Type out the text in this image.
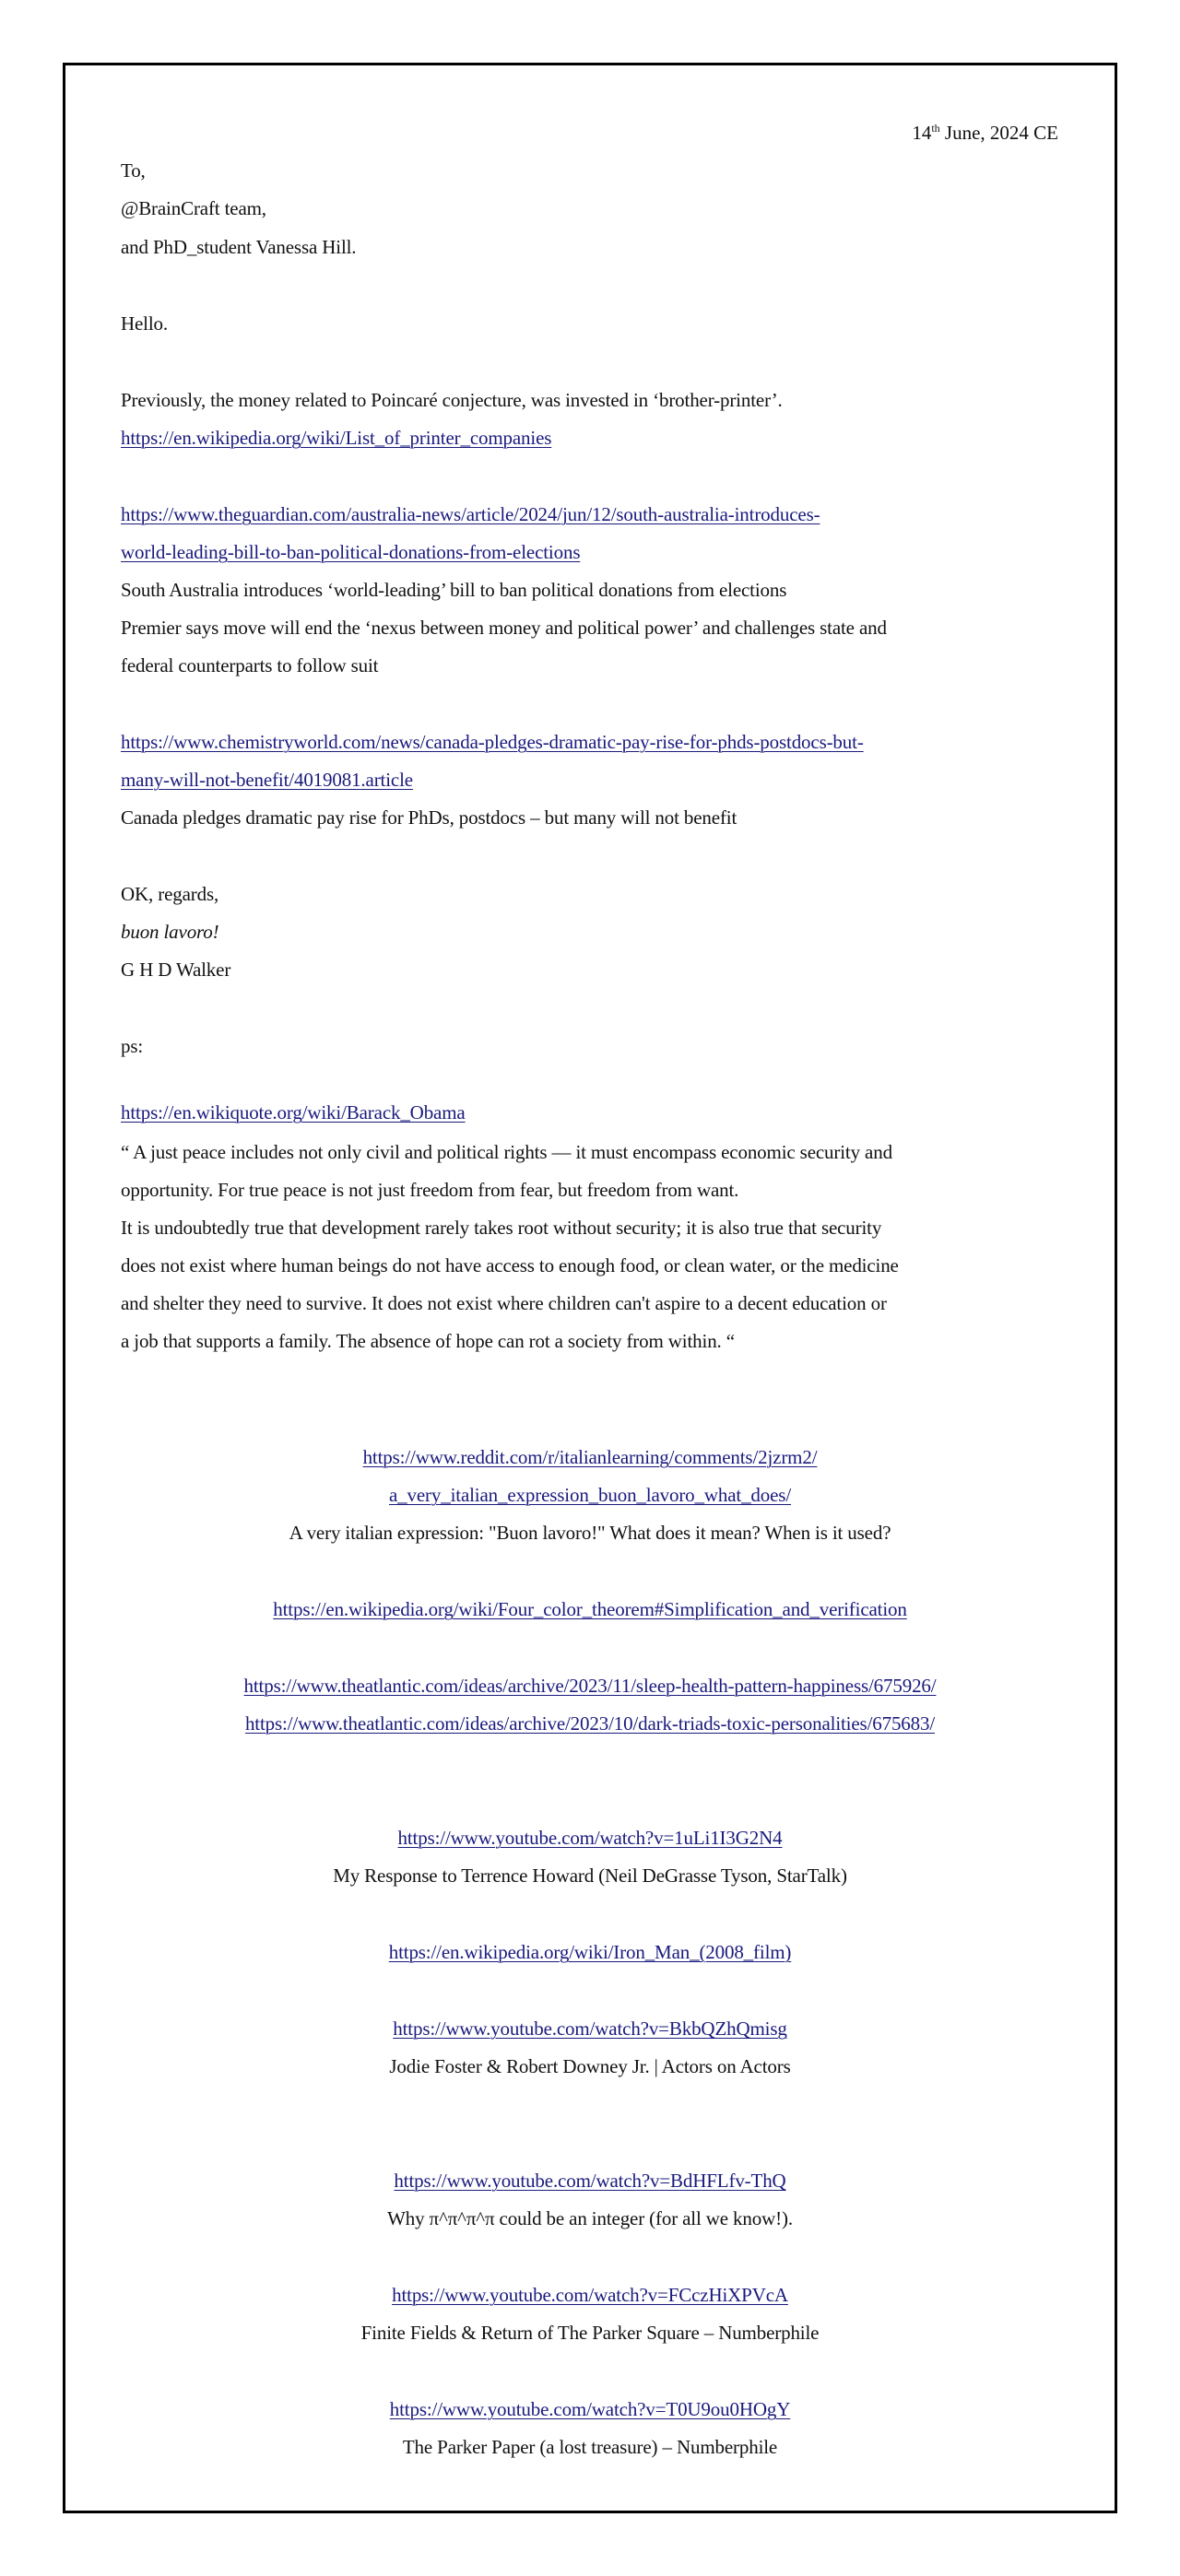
14th June, 2024 CE
To,
@BrainCraft team,
and PhD_student Vanessa Hill.
Hello.
Previously, the money related to Poincaré conjecture, was invested in ‘brother-printer’.
https://en.wikipedia.org/wiki/List_of_printer_companies
https://www.theguardian.com/australia-news/article/2024/jun/12/south-australia-introduces-
world-leading-bill-to-ban-political-donations-from-elections
South Australia introduces ‘world-leading’ bill to ban political donations from elections
Premier says move will end the ‘nexus between money and political power’ and challenges state and
federal counterparts to follow suit
https://www.chemistryworld.com/news/canada-pledges-dramatic-pay-rise-for-phds-postdocs-but-
many-will-not-benefit/4019081.article
Canada pledges dramatic pay rise for PhDs, postdocs – but many will not benefit
OK, regards,
buon lavoro!
G H D Walker
ps:
https://en.wikiquote.org/wiki/Barack_Obama
“ A just peace includes not only civil and political rights — it must encompass economic security and
opportunity. For true peace is not just freedom from fear, but freedom from want.
It is undoubtedly true that development rarely takes root without security; it is also true that security
does not exist where human beings do not have access to enough food, or clean water, or the medicine
and shelter they need to survive. It does not exist where children can't aspire to a decent education or
a job that supports a family. The absence of hope can rot a society from within. “
https://www.reddit.com/r/italianlearning/comments/2jzrm2/
a_very_italian_expression_buon_lavoro_what_does/
A very italian expression: "Buon lavoro!" What does it mean? When is it used?
https://en.wikipedia.org/wiki/Four_color_theorem#Simplification_and_verification
https://www.theatlantic.com/ideas/archive/2023/11/sleep-health-pattern-happiness/675926/
https://www.theatlantic.com/ideas/archive/2023/10/dark-triads-toxic-personalities/675683/
https://www.youtube.com/watch?v=1uLi1I3G2N4
My Response to Terrence Howard (Neil DeGrasse Tyson, StarTalk)
https://en.wikipedia.org/wiki/Iron_Man_(2008_film)
https://www.youtube.com/watch?v=BkbQZhQmisg
Jodie Foster & Robert Downey Jr. | Actors on Actors
https://www.youtube.com/watch?v=BdHFLfv-ThQ
Why π^π^π^π could be an integer (for all we know!).
https://www.youtube.com/watch?v=FCczHiXPVcA
Finite Fields & Return of The Parker Square – Numberphile
https://www.youtube.com/watch?v=T0U9ou0HOgY
The Parker Paper (a lost treasure) – Numberphile
